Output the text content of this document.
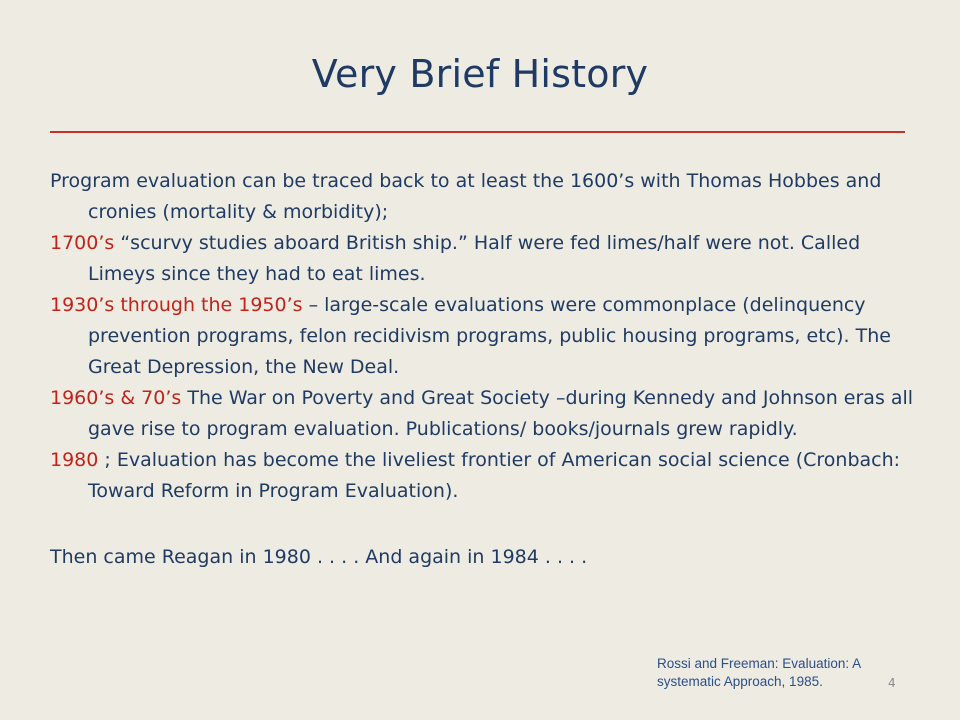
Very Brief History

Program evaluation can be traced back to at least the 1600’s with Thomas Hobbes and cronies (mortality & morbidity);

1700’s “scurvy studies aboard British ship.” Half were fed limes/half were not. Called Limeys since they had to eat limes.

1930’s through the 1950’s – large-scale evaluations were commonplace (delinquency prevention programs, felon recidivism programs, public housing programs, etc). The Great Depression, the New Deal.

1960’s & 70’s The War on Poverty and Great Society –during Kennedy and Johnson eras all gave rise to program evaluation. Publications/ books/journals grew rapidly.

1980 ; Evaluation has become the liveliest frontier of American social science (Cronbach: Toward Reform in Program Evaluation).

Then came Reagan in 1980 . . . . And again in 1984 . . . .

Rossi and Freeman: Evaluation: A systematic Approach, 1985.	4
